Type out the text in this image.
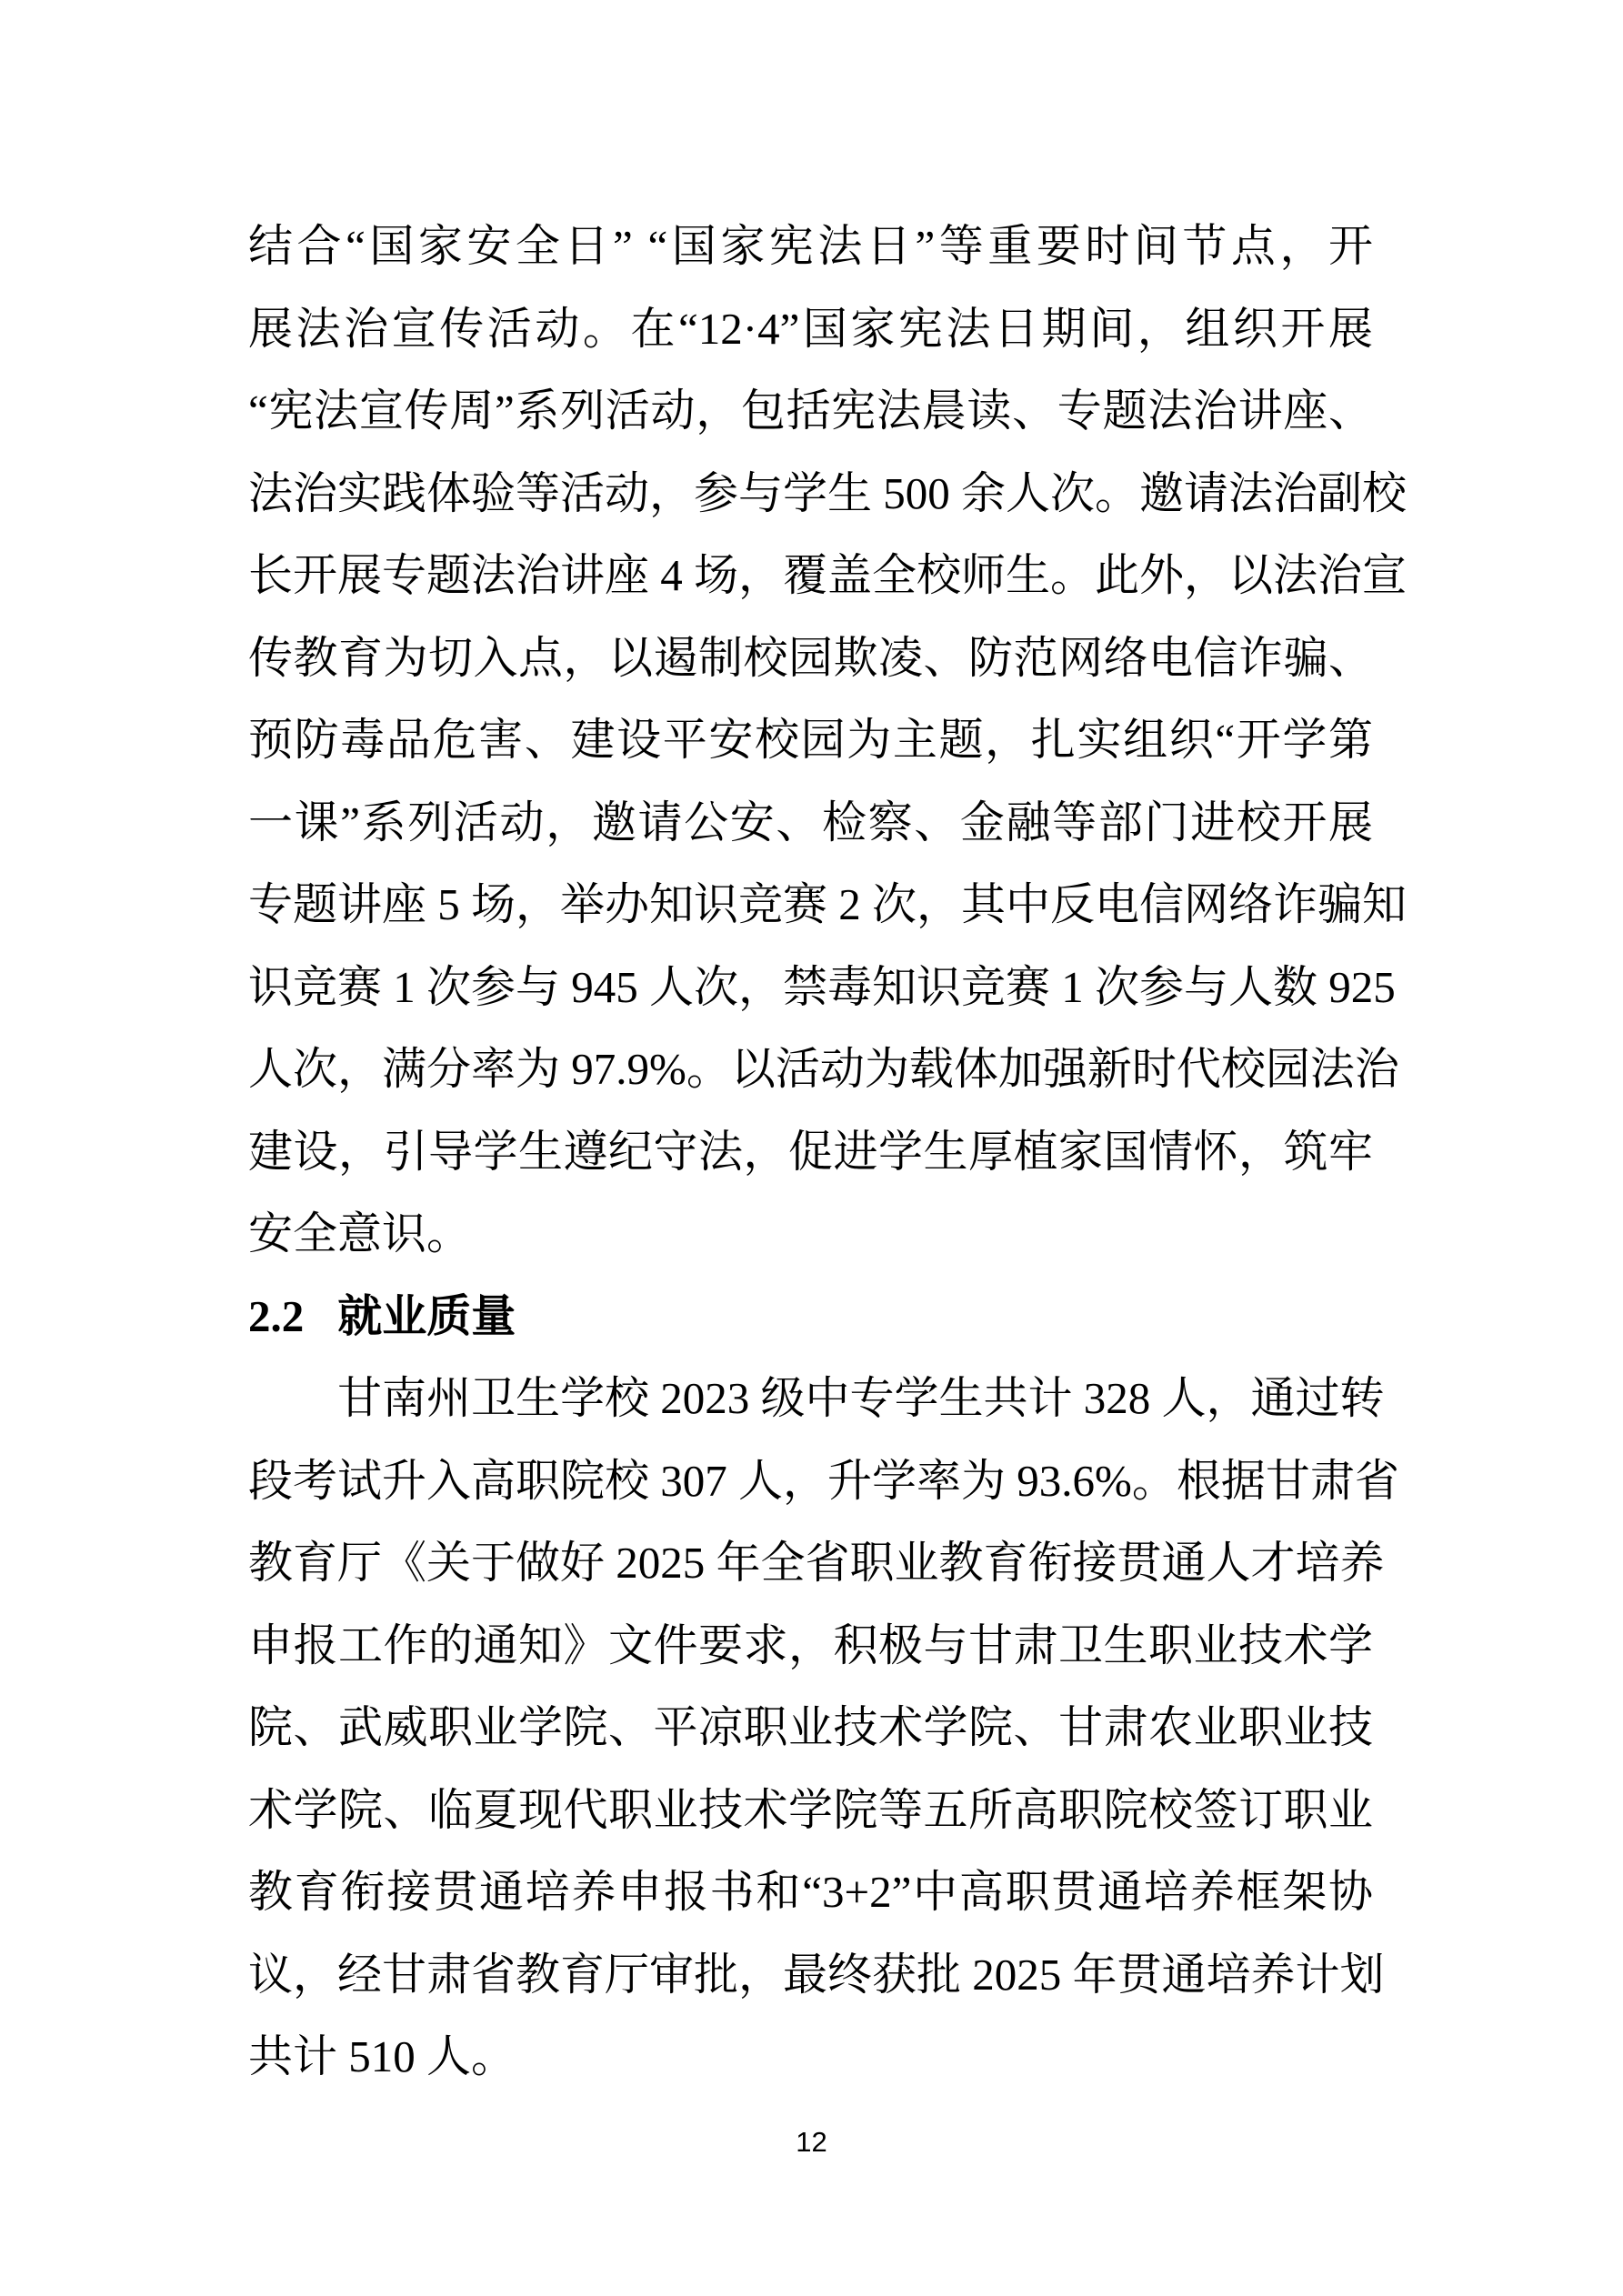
结合“国家安全日” “国家宪法日”等重要时间节点，开
展法治宣传活动。在“12·4”国家宪法日期间，组织开展
“宪法宣传周”系列活动，包括宪法晨读、专题法治讲座、
法治实践体验等活动，参与学生 500 余人次。邀请法治副校
长开展专题法治讲座 4 场，覆盖全校师生。此外，以法治宣
传教育为切入点，以遏制校园欺凌、防范网络电信诈骗、
预防毒品危害、建设平安校园为主题，扎实组织“开学第
一课”系列活动，邀请公安、检察、金融等部门进校开展
专题讲座 5 场，举办知识竞赛 2 次，其中反电信网络诈骗知
识竞赛 1 次参与 945 人次，禁毒知识竞赛 1 次参与人数 925
人次，满分率为 97.9%。以活动为载体加强新时代校园法治
建设，引导学生遵纪守法，促进学生厚植家国情怀，筑牢
安全意识。
2.2 就业质量
甘南州卫生学校 2023 级中专学生共计 328 人，通过转
段考试升入高职院校 307 人，升学率为 93.6%。根据甘肃省
教育厅《关于做好 2025 年全省职业教育衔接贯通人才培养
申报工作的通知》文件要求，积极与甘肃卫生职业技术学
院、武威职业学院、平凉职业技术学院、甘肃农业职业技
术学院、临夏现代职业技术学院等五所高职院校签订职业
教育衔接贯通培养申报书和“3+2”中高职贯通培养框架协
议，经甘肃省教育厅审批，最终获批 2025 年贯通培养计划
共计 510 人。
12
